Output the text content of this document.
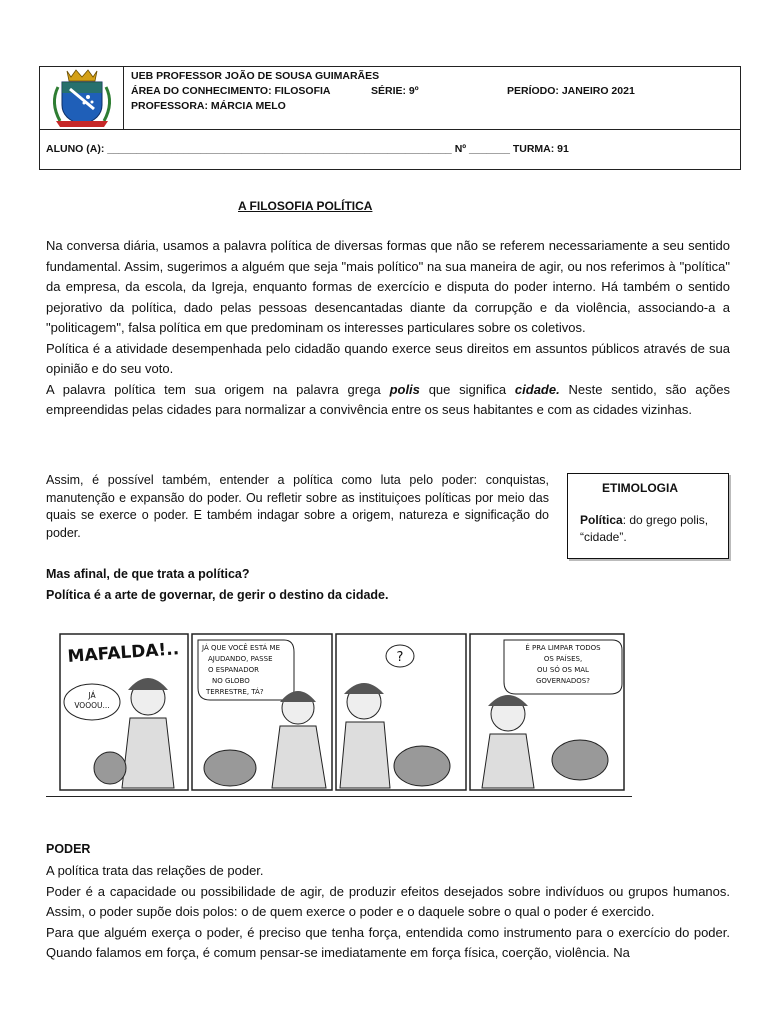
UEB PROFESSOR JOÃO DE SOUSA GUIMARÃES
ÁREA DO CONHECIMENTO: FILOSOFIA	SÉRIE: 9º	PERÍODO: JANEIRO 2021
PROFESSORA: MÁRCIA MELO
ALUNO (A): ___________________________________________________________ Nº _______ TURMA: 91
A FILOSOFIA POLÍTICA

Na conversa diária, usamos a palavra política de diversas formas que não se referem necessariamente a seu sentido fundamental. Assim, sugerimos a alguém que seja "mais político" na sua maneira de agir, ou nos referimos à "política" da empresa, da escola, da Igreja, enquanto formas de exercício e disputa do poder interno. Há também o sentido pejorativo da política, dado pelas pessoas desencantadas diante da corrupção e da violência, associando-a a "politicagem", falsa política em que predominam os interesses particulares sobre os coletivos.

Política é a atividade desempenhada pelo cidadão quando exerce seus direitos em assuntos públicos através de sua opinião e do seu voto.

A palavra política tem sua origem na palavra grega polis que significa cidade. Neste sentido, são ações empreendidas pelas cidades para normalizar a convivência entre os seus habitantes e com as cidades vizinhas.

Assim, é possível também, entender a política como luta pelo poder: conquistas, manutenção e expansão do poder. Ou refletir sobre as instituiçoes políticas por meio das quais se exerce o poder. E também indagar sobre a origem, natureza e significação do poder.
ETIMOLOGIA
Política: do grego polis, “cidade”.
Mas afinal, de que trata a política?
Política é a arte de governar, de gerir o destino da cidade.
MAFALDA!..
JÁ
VOOOU...
JÁ QUE VOCÊ ESTÁ ME
AJUDANDO, PASSE
O ESPANADOR
NO GLOBO
TERRESTRE, TÁ?
?
É PRA LIMPAR TODOS
OS PAÍSES,
OU SÓ OS MAL
GOVERNADOS?
PODER

A política trata das relações de poder.

Poder é a capacidade ou possibilidade de agir, de produzir efeitos desejados sobre indivíduos ou grupos humanos. Assim, o poder supõe dois polos: o de quem exerce o poder e o daquele sobre o qual o poder é exercido.

Para que alguém exerça o poder, é preciso que tenha força, entendida como instrumento para o exercício do poder. Quando falamos em força, é comum pensar-se imediatamente em força física, coerção, violência. Na
